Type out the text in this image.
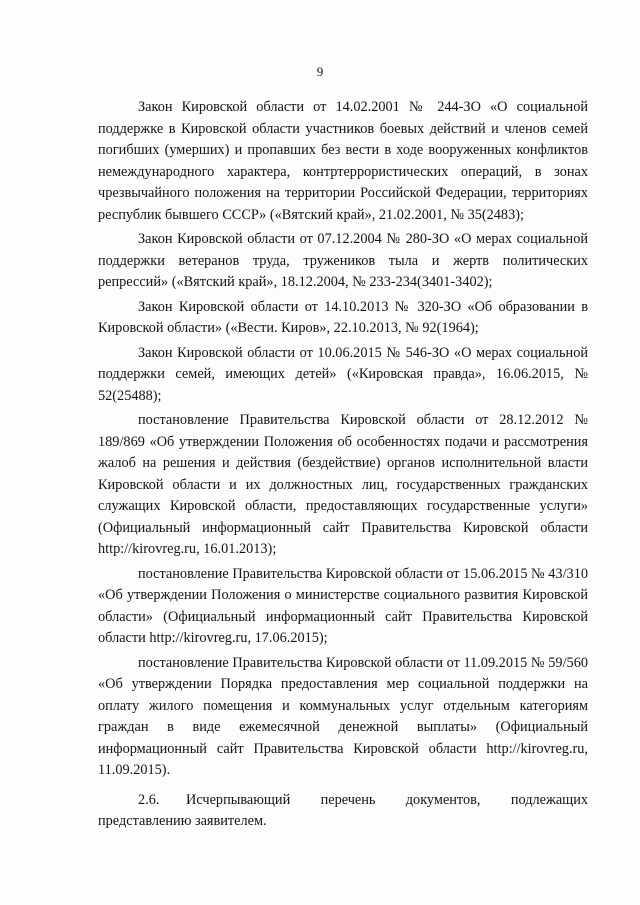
9

Закон Кировской области от 14.02.2001 № 244-ЗО «О социальной поддержке в Кировской области участников боевых действий и членов семей погибших (умерших) и пропавших без вести в ходе вооруженных конфликтов немеждународного характера, контртеррористических операций, в зонах чрезвычайного положения на территории Российской Федерации, территориях республик бывшего СССР» («Вятский край», 21.02.2001, № 35(2483);

Закон Кировской области от 07.12.2004 № 280-ЗО «О мерах социальной поддержки ветеранов труда, тружеников тыла и жертв политических репрессий» («Вятский край», 18.12.2004, № 233-234(3401-3402);

Закон Кировской области от 14.10.2013 № 320-ЗО «Об образовании в Кировской области» («Вести. Киров», 22.10.2013, № 92(1964);

Закон Кировской области от 10.06.2015 № 546-ЗО «О мерах социальной поддержки семей, имеющих детей» («Кировская правда», 16.06.2015, № 52(25488);

постановление Правительства Кировской области от 28.12.2012 № 189/869 «Об утверждении Положения об особенностях подачи и рассмотрения жалоб на решения и действия (бездействие) органов исполнительной власти Кировской области и их должностных лиц, государственных гражданских служащих Кировской области, предоставляющих государственные услуги» (Официальный информационный сайт Правительства Кировской области http://kirovreg.ru, 16.01.2013);

постановление Правительства Кировской области от 15.06.2015 № 43/310 «Об утверждении Положения о министерстве социального развития Кировской области» (Официальный информационный сайт Правительства Кировской области http://kirovreg.ru, 17.06.2015);

постановление Правительства Кировской области от 11.09.2015 № 59/560 «Об утверждении Порядка предоставления мер социальной поддержки на оплату жилого помещения и коммунальных услуг отдельным категориям граждан в виде ежемесячной денежной выплаты» (Официальный информационный сайт Правительства Кировской области http://kirovreg.ru, 11.09.2015).

2.6. Исчерпывающий перечень документов, подлежащих представлению заявителем.
